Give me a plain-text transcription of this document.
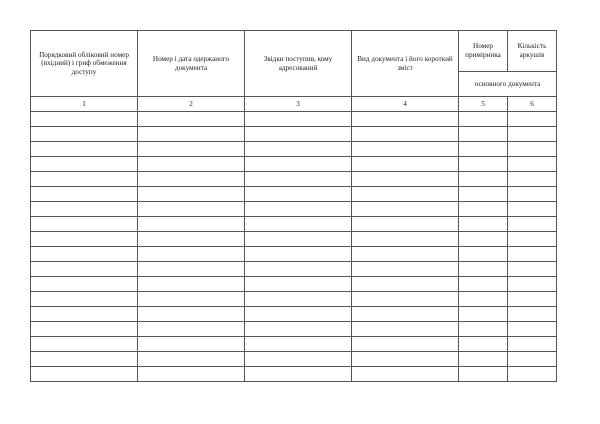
Порядковий обліковий номер (вхідний) і гриф обмеження доступу	Номер і дата одержаного документа	Звідки поступив, кому адресований	Вид документа і його короткий зміст	Номер примірника	Кількість аркушів

				основного документа	

1	2	3	4	5	6
